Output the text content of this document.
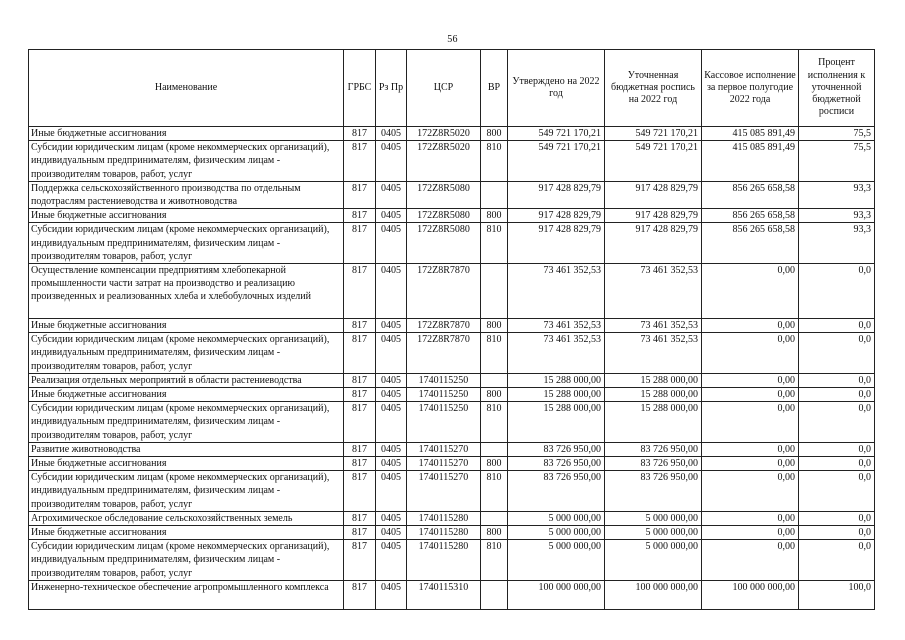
56
Наименование	ГРБС	Рз Пр	ЦСР	ВР	Утверждено на 2022 год	Уточненная бюджетная роспись на 2022 год	Кассовое исполнение за первое полугодие 2022 года	Процент исполнения к уточненной бюджетной росписи
Иные бюджетные ассигнования	817	0405	172Z8R5020	800	549 721 170,21	549 721 170,21	415 085 891,49	75,5
Субсидии юридическим лицам (кроме некоммерческих организаций), индивидуальным предпринимателям, физическим лицам - производителям товаров, работ, услуг	817	0405	172Z8R5020	810	549 721 170,21	549 721 170,21	415 085 891,49	75,5
Поддержка сельскохозяйственного производства по отдельным подотраслям растениеводства и животноводства	817	0405	172Z8R5080		917 428 829,79	917 428 829,79	856 265 658,58	93,3
Иные бюджетные ассигнования	817	0405	172Z8R5080	800	917 428 829,79	917 428 829,79	856 265 658,58	93,3
Субсидии юридическим лицам (кроме некоммерческих организаций), индивидуальным предпринимателям, физическим лицам - производителям товаров, работ, услуг	817	0405	172Z8R5080	810	917 428 829,79	917 428 829,79	856 265 658,58	93,3
Осуществление компенсации предприятиям хлебопекарной промышленности части затрат на производство и реализацию произведенных и реализованных хлеба и хлебобулочных изделий	817	0405	172Z8R7870		73 461 352,53	73 461 352,53	0,00	0,0
Иные бюджетные ассигнования	817	0405	172Z8R7870	800	73 461 352,53	73 461 352,53	0,00	0,0
Субсидии юридическим лицам (кроме некоммерческих организаций), индивидуальным предпринимателям, физическим лицам - производителям товаров, работ, услуг	817	0405	172Z8R7870	810	73 461 352,53	73 461 352,53	0,00	0,0
Реализация отдельных мероприятий в области растениеводства	817	0405	1740115250		15 288 000,00	15 288 000,00	0,00	0,0
Иные бюджетные ассигнования	817	0405	1740115250	800	15 288 000,00	15 288 000,00	0,00	0,0
Субсидии юридическим лицам (кроме некоммерческих организаций), индивидуальным предпринимателям, физическим лицам - производителям товаров, работ, услуг	817	0405	1740115250	810	15 288 000,00	15 288 000,00	0,00	0,0
Развитие животноводства	817	0405	1740115270		83 726 950,00	83 726 950,00	0,00	0,0
Иные бюджетные ассигнования	817	0405	1740115270	800	83 726 950,00	83 726 950,00	0,00	0,0
Субсидии юридическим лицам (кроме некоммерческих организаций), индивидуальным предпринимателям, физическим лицам - производителям товаров, работ, услуг	817	0405	1740115270	810	83 726 950,00	83 726 950,00	0,00	0,0
Агрохимическое обследование сельскохозяйственных земель	817	0405	1740115280		5 000 000,00	5 000 000,00	0,00	0,0
Иные бюджетные ассигнования	817	0405	1740115280	800	5 000 000,00	5 000 000,00	0,00	0,0
Субсидии юридическим лицам (кроме некоммерческих организаций), индивидуальным предпринимателям, физическим лицам - производителям товаров, работ, услуг	817	0405	1740115280	810	5 000 000,00	5 000 000,00	0,00	0,0
Инженерно-техническое обеспечение агропромышленного комплекса	817	0405	1740115310		100 000 000,00	100 000 000,00	100 000 000,00	100,0
